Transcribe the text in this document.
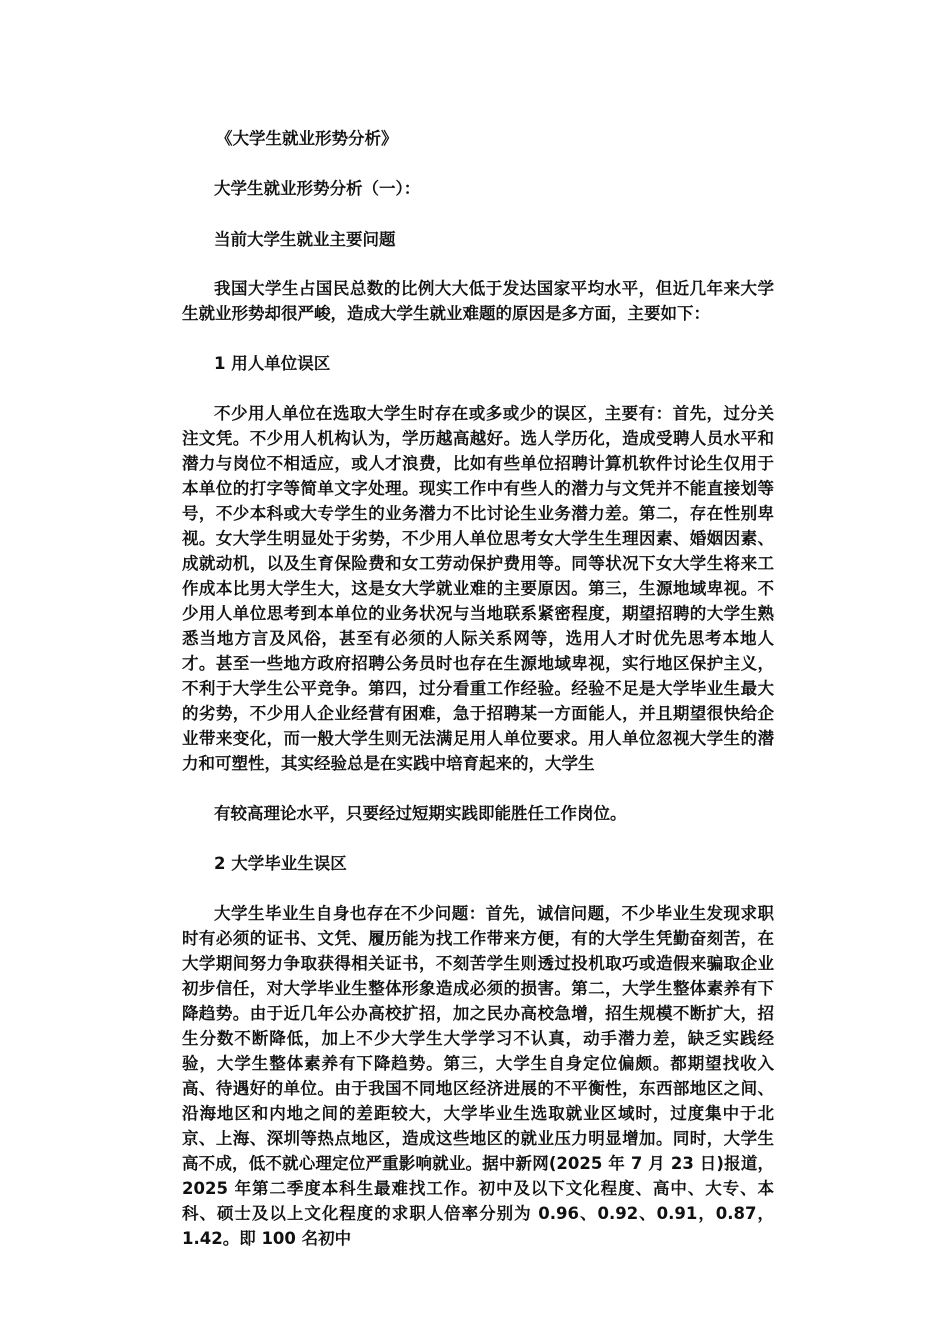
《大学生就业形势分析》

大学生就业形势分析（一）：

当前大学生就业主要问题

我国大学生占国民总数的比例大大低于发达国家平均水平，但近几年来大学生就业形势却很严峻，造成大学生就业难题的原因是多方面，主要如下：

1 用人单位误区

不少用人单位在选取大学生时存在或多或少的误区，主要有：首先，过分关注文凭。不少用人机构认为，学历越高越好。选人学历化，造成受聘人员水平和潜力与岗位不相适应，或人才浪费，比如有些单位招聘计算机软件讨论生仅用于本单位的打字等简单文字处理。现实工作中有些人的潜力与文凭并不能直接划等号，不少本科或大专学生的业务潜力不比讨论生业务潜力差。第二，存在性别卑视。女大学生明显处于劣势，不少用人单位思考女大学生生理因素、婚姻因素、成就动机，以及生育保险费和女工劳动保护费用等。同等状况下女大学生将来工作成本比男大学生大，这是女大学就业难的主要原因。第三，生源地域卑视。不少用人单位思考到本单位的业务状况与当地联系紧密程度，期望招聘的大学生熟悉当地方言及风俗，甚至有必须的人际关系网等，选用人才时优先思考本地人才。甚至一些地方政府招聘公务员时也存在生源地域卑视，实行地区保护主义，不利于大学生公平竞争。第四，过分看重工作经验。经验不足是大学毕业生最大的劣势，不少用人企业经营有困难，急于招聘某一方面能人，并且期望很快给企业带来变化，而一般大学生则无法满足用人单位要求。用人单位忽视大学生的潜力和可塑性，其实经验总是在实践中培育起来的，大学生

有较高理论水平，只要经过短期实践即能胜任工作岗位。

2 大学毕业生误区

大学生毕业生自身也存在不少问题：首先，诚信问题，不少毕业生发现求职时有必须的证书、文凭、履历能为找工作带来方便，有的大学生凭勤奋刻苦，在大学期间努力争取获得相关证书，不刻苦学生则透过投机取巧或造假来骗取企业初步信任，对大学毕业生整体形象造成必须的损害。第二，大学生整体素养有下降趋势。由于近几年公办高校扩招，加之民办高校急增，招生规模不断扩大，招生分数不断降低，加上不少大学生大学学习不认真，动手潜力差，缺乏实践经验，大学生整体素养有下降趋势。第三，大学生自身定位偏颇。都期望找收入高、待遇好的单位。由于我国不同地区经济进展的不平衡性，东西部地区之间、沿海地区和内地之间的差距较大，大学毕业生选取就业区域时，过度集中于北京、上海、深圳等热点地区，造成这些地区的就业压力明显增加。同时，大学生高不成，低不就心理定位严重影响就业。据中新网(2025 年 7 月 23 日)报道，2025 年第二季度本科生最难找工作。初中及以下文化程度、高中、大专、本科、硕士及以上文化程度的求职人倍率分别为 0.96、0.92、0.91，0.87，1.42。即 100 名初中
